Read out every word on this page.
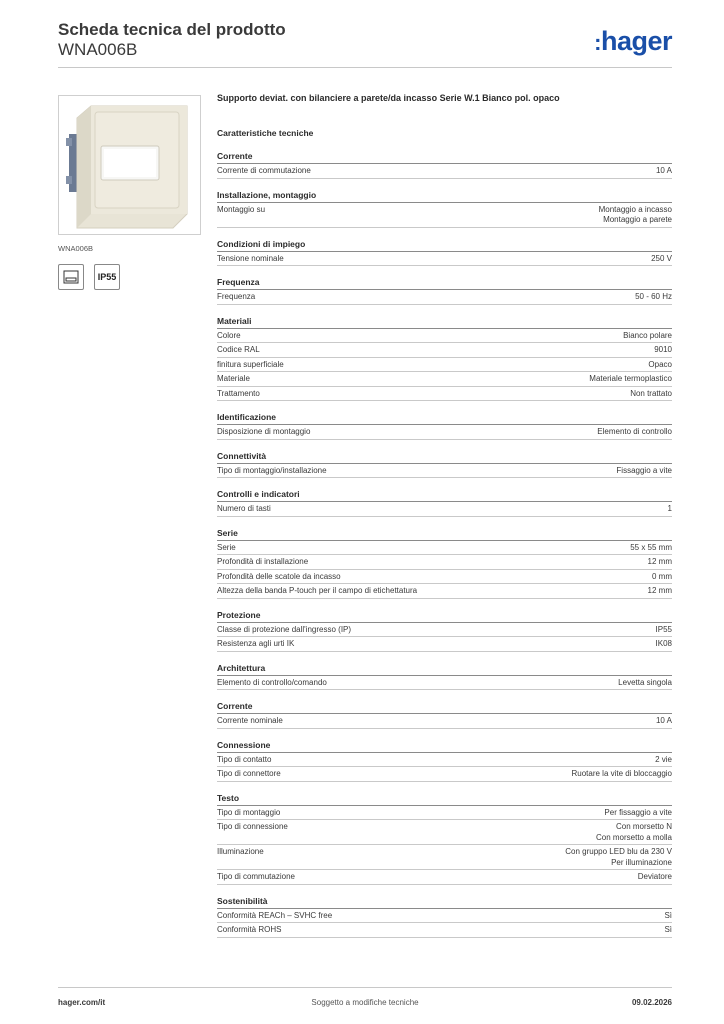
Scheda tecnica del prodotto
WNA006B	:hager
WNA006B
IP55
Supporto deviat. con bilanciere a parete/da incasso Serie W.1 Bianco pol. opaco
Caratteristiche tecniche
Corrente
Corrente di commutazione	10 A
Installazione, montaggio
Montaggio su	Montaggio a incasso
Montaggio a parete
Condizioni di impiego
Tensione nominale	250 V
Frequenza
Frequenza	50 - 60 Hz
Materiali
Colore	Bianco polare
Codice RAL	9010
finitura superficiale	Opaco
Materiale	Materiale termoplastico
Trattamento	Non trattato
Identificazione
Disposizione di montaggio	Elemento di controllo
Connettività
Tipo di montaggio/installazione	Fissaggio a vite
Controlli e indicatori
Numero di tasti	1
Serie
Serie	55 x 55 mm
Profondità di installazione	12 mm
Profondità delle scatole da incasso	0 mm
Altezza della banda P-touch per il campo di etichettatura	12 mm
Protezione
Classe di protezione dall'ingresso (IP)	IP55
Resistenza agli urti IK	IK08
Architettura
Elemento di controllo/comando	Levetta singola
Corrente
Corrente nominale	10 A
Connessione
Tipo di contatto	2 vie
Tipo di connettore	Ruotare la vite di bloccaggio
Testo
Tipo di montaggio	Per fissaggio a vite
Tipo di connessione	Con morsetto N
Con morsetto a molla
Illuminazione	Con gruppo LED blu da 230 V
Per illuminazione
Tipo di commutazione	Deviatore
Sostenibilità
Conformità REACh – SVHC free	Sì
Conformità ROHS	Sì
hager.com/it	Soggetto a modifiche tecniche	09.02.2026
